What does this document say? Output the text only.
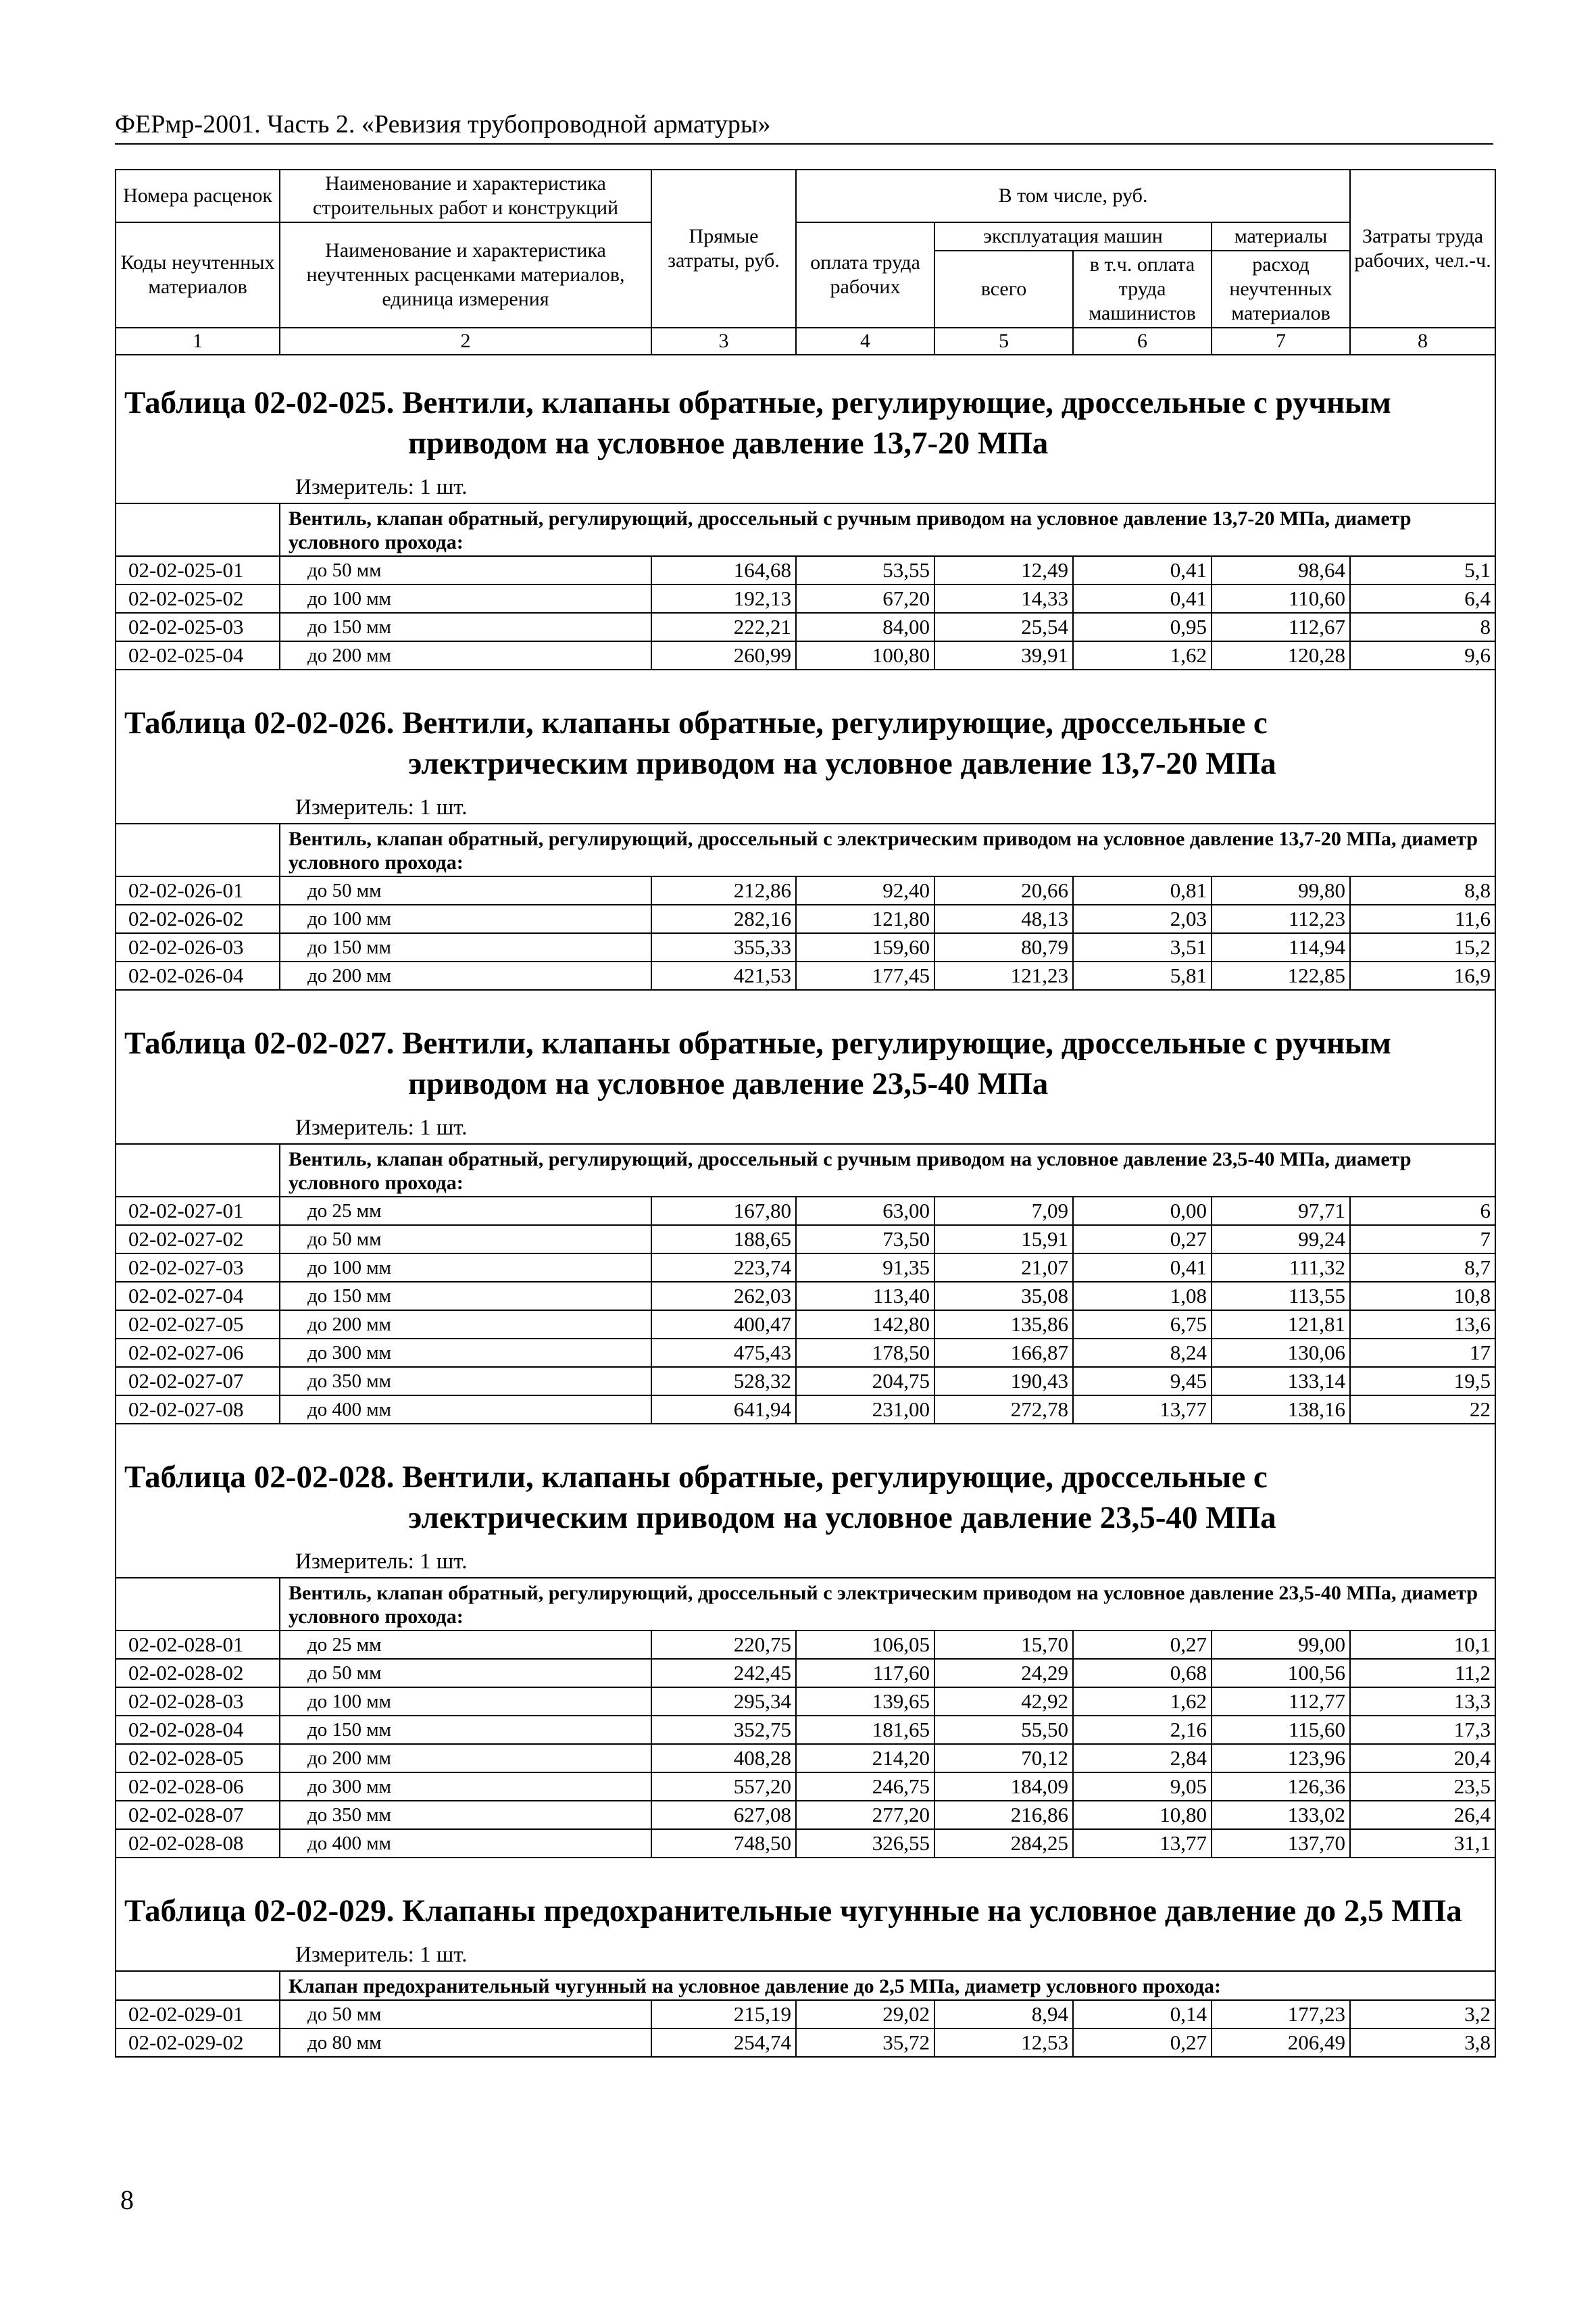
ФЕРмр-2001. Часть 2. «Ревизия трубопроводной арматуры»
Номера расценок	Наименование и характеристика строительных работ и конструкций	Прямые затраты, руб.	В том числе, руб.				Затраты труда рабочих, чел.-ч.
Коды неучтенных материалов	Наименование и характеристика неучтенных расценками материалов, единица измерения		оплата труда рабочих	эксплуатация машин		материалы	
				всего	в т.ч. оплата труда машинистов	расход неучтенных материалов	

1	2	3	4	5	6	7	8

Таблица 02-02-025. Вентили, клапаны обратные, регулирующие, дроссельные с ручным приводом на условное давление 13,7-20 МПа							

Измеритель: 1 шт.							
	Вентиль, клапан обратный, регулирующий, дроссельный с ручным приводом на условное давление 13,7-20 МПа, диаметр условного прохода:						
02-02-025-01	до 50 мм	164,68	53,55	12,49	0,41	98,64	5,1
02-02-025-02	до 100 мм	192,13	67,20	14,33	0,41	110,60	6,4
02-02-025-03	до 150 мм	222,21	84,00	25,54	0,95	112,67	8
02-02-025-04	до 200 мм	260,99	100,80	39,91	1,62	120,28	9,6

Таблица 02-02-026. Вентили, клапаны обратные, регулирующие, дроссельные с электрическим приводом на условное давление 13,7-20 МПа							

Измеритель: 1 шт.							
	Вентиль, клапан обратный, регулирующий, дроссельный с электрическим приводом на условное давление 13,7-20 МПа, диаметр условного прохода:						
02-02-026-01	до 50 мм	212,86	92,40	20,66	0,81	99,80	8,8
02-02-026-02	до 100 мм	282,16	121,80	48,13	2,03	112,23	11,6
02-02-026-03	до 150 мм	355,33	159,60	80,79	3,51	114,94	15,2
02-02-026-04	до 200 мм	421,53	177,45	121,23	5,81	122,85	16,9

Таблица 02-02-027. Вентили, клапаны обратные, регулирующие, дроссельные с ручным приводом на условное давление 23,5-40 МПа							

Измеритель: 1 шт.							
	Вентиль, клапан обратный, регулирующий, дроссельный с ручным приводом на условное давление 23,5-40 МПа, диаметр условного прохода:						
02-02-027-01	до 25 мм	167,80	63,00	7,09	0,00	97,71	6
02-02-027-02	до 50 мм	188,65	73,50	15,91	0,27	99,24	7
02-02-027-03	до 100 мм	223,74	91,35	21,07	0,41	111,32	8,7
02-02-027-04	до 150 мм	262,03	113,40	35,08	1,08	113,55	10,8
02-02-027-05	до 200 мм	400,47	142,80	135,86	6,75	121,81	13,6
02-02-027-06	до 300 мм	475,43	178,50	166,87	8,24	130,06	17
02-02-027-07	до 350 мм	528,32	204,75	190,43	9,45	133,14	19,5
02-02-027-08	до 400 мм	641,94	231,00	272,78	13,77	138,16	22

Таблица 02-02-028. Вентили, клапаны обратные, регулирующие, дроссельные с электрическим приводом на условное давление 23,5-40 МПа							

Измеритель: 1 шт.							
	Вентиль, клапан обратный, регулирующий, дроссельный с электрическим приводом на условное давление 23,5-40 МПа, диаметр условного прохода:						
02-02-028-01	до 25 мм	220,75	106,05	15,70	0,27	99,00	10,1
02-02-028-02	до 50 мм	242,45	117,60	24,29	0,68	100,56	11,2
02-02-028-03	до 100 мм	295,34	139,65	42,92	1,62	112,77	13,3
02-02-028-04	до 150 мм	352,75	181,65	55,50	2,16	115,60	17,3
02-02-028-05	до 200 мм	408,28	214,20	70,12	2,84	123,96	20,4
02-02-028-06	до 300 мм	557,20	246,75	184,09	9,05	126,36	23,5
02-02-028-07	до 350 мм	627,08	277,20	216,86	10,80	133,02	26,4
02-02-028-08	до 400 мм	748,50	326,55	284,25	13,77	137,70	31,1

Таблица 02-02-029. Клапаны предохранительные чугунные на условное давление до 2,5 МПа							

Измеритель: 1 шт.							
	Клапан предохранительный чугунный на условное давление до 2,5 МПа, диаметр условного прохода:						
02-02-029-01	до 50 мм	215,19	29,02	8,94	0,14	177,23	3,2
02-02-029-02	до 80 мм	254,74	35,72	12,53	0,27	206,49	3,8
8
